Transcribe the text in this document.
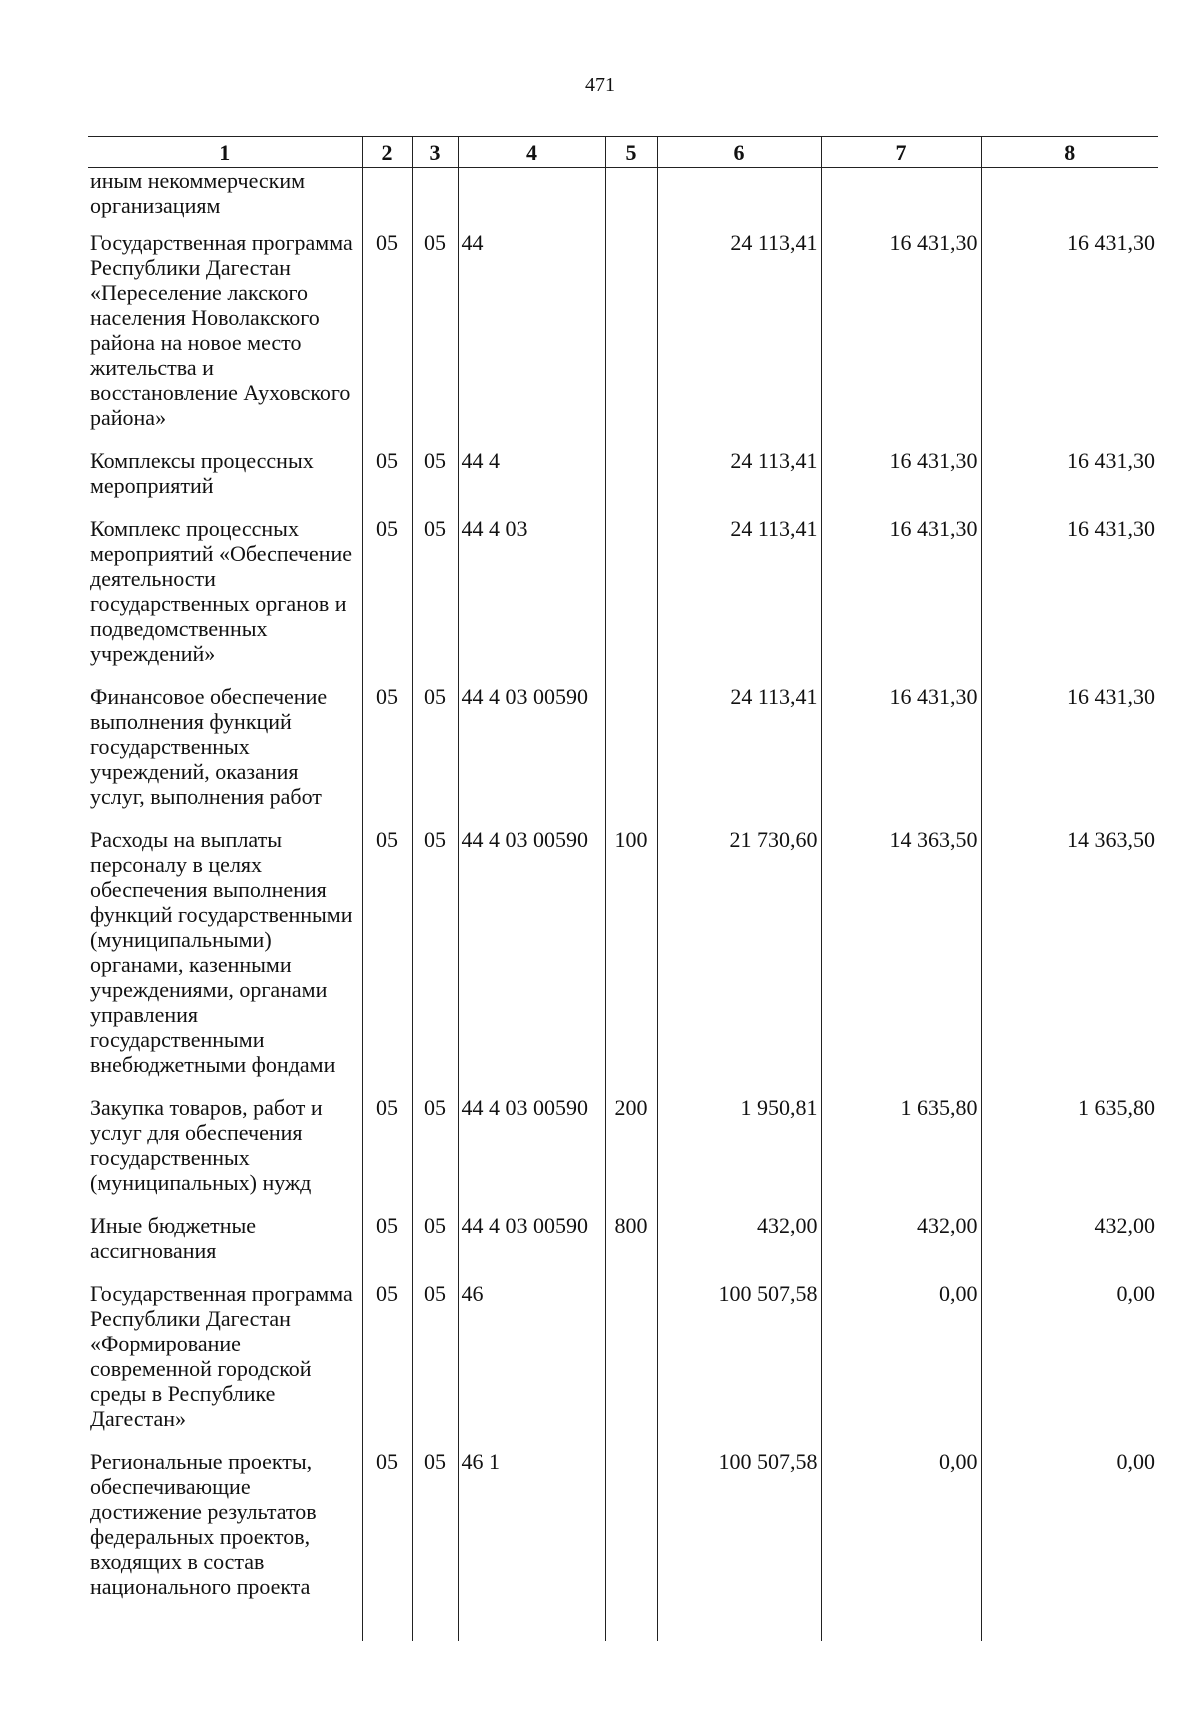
471
1	2	3	4	5	6	7	8
иным некоммерческим организациям							
Государственная программа Республики Дагестан «Переселение лакского населения Новолакского района на новое место жительства и восстановление Ауховского района»	05	05	44		24 113,41	16 431,30	16 431,30
Комплексы процессных мероприятий	05	05	44 4		24 113,41	16 431,30	16 431,30
Комплекс процессных мероприятий «Обеспечение деятельности государственных органов и подведомственных учреждений»	05	05	44 4 03		24 113,41	16 431,30	16 431,30
Финансовое обеспечение выполнения функций государственных учреждений, оказания услуг, выполнения работ	05	05	44 4 03 00590		24 113,41	16 431,30	16 431,30
Расходы на выплаты персоналу в целях обеспечения выполнения функций государственными (муниципальными) органами, казенными учреждениями, органами управления государственными внебюджетными фондами	05	05	44 4 03 00590	100	21 730,60	14 363,50	14 363,50
Закупка товаров, работ и услуг для обеспечения государственных (муниципальных) нужд	05	05	44 4 03 00590	200	1 950,81	1 635,80	1 635,80
Иные бюджетные ассигнования	05	05	44 4 03 00590	800	432,00	432,00	432,00
Государственная программа Республики Дагестан «Формирование современной городской среды в Республике Дагестан»	05	05	46		100 507,58	0,00	0,00
Региональные проекты, обеспечивающие достижение результатов федеральных проектов, входящих в состав национального проекта	05	05	46 1		100 507,58	0,00	0,00
